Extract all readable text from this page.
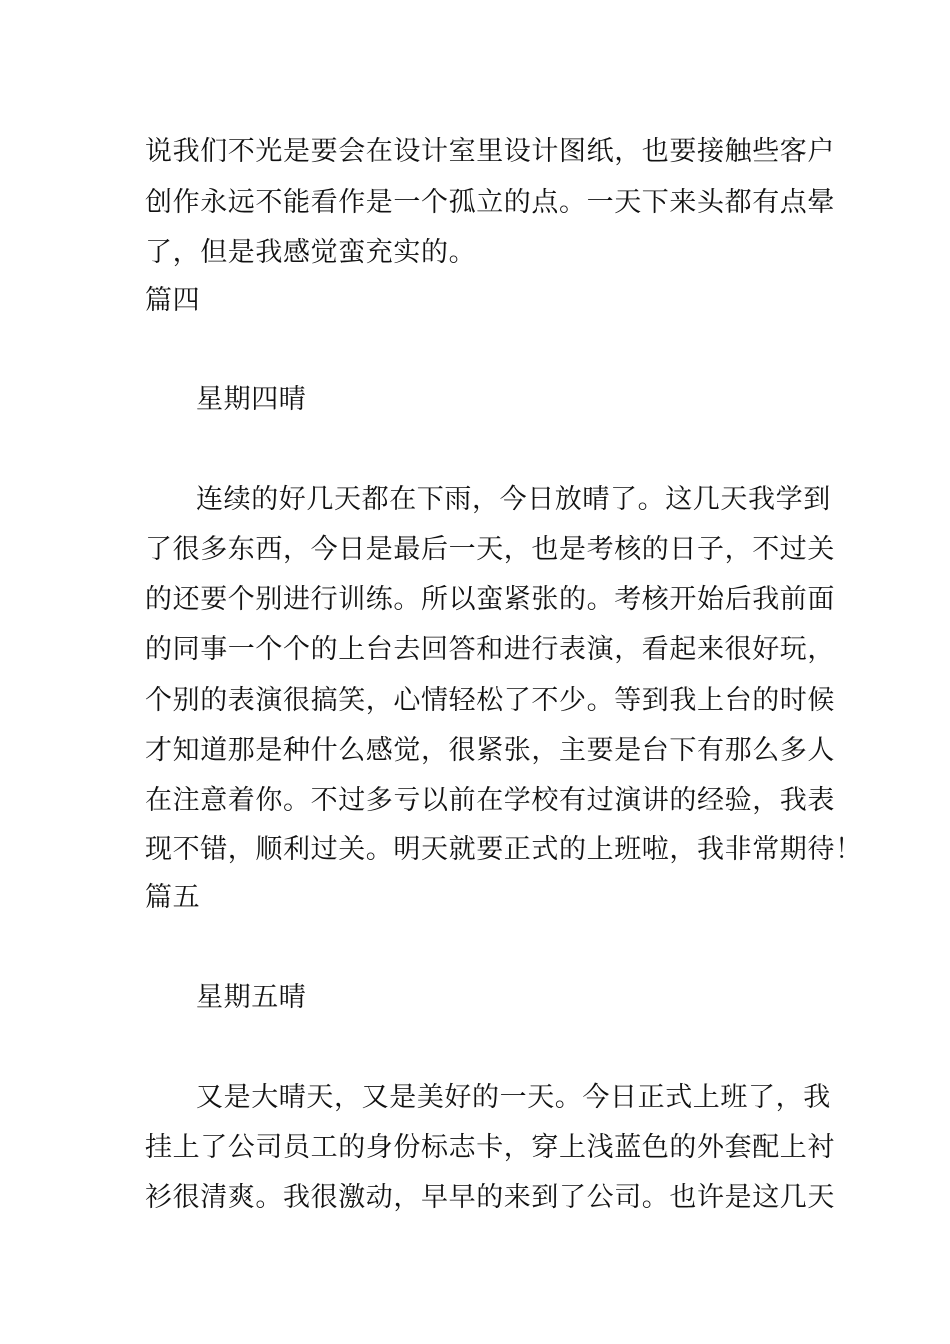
说我们不光是要会在设计室里设计图纸，也要接触些客户
创作永远不能看作是一个孤立的点。一天下来头都有点晕
了，但是我感觉蛮充实的。
篇四
星期四晴
连续的好几天都在下雨，今日放晴了。这几天我学到
了很多东西，今日是最后一天，也是考核的日子，不过关
的还要个别进行训练。所以蛮紧张的。考核开始后我前面
的同事一个个的上台去回答和进行表演，看起来很好玩，
个别的表演很搞笑，心情轻松了不少。等到我上台的时候
才知道那是种什么感觉，很紧张，主要是台下有那么多人
在注意着你。不过多亏以前在学校有过演讲的经验，我表
现不错，顺利过关。明天就要正式的上班啦，我非常期待！
篇五
星期五晴
又是大晴天，又是美好的一天。今日正式上班了，我
挂上了公司员工的身份标志卡，穿上浅蓝色的外套配上衬
衫很清爽。我很激动，早早的来到了公司。也许是这几天
